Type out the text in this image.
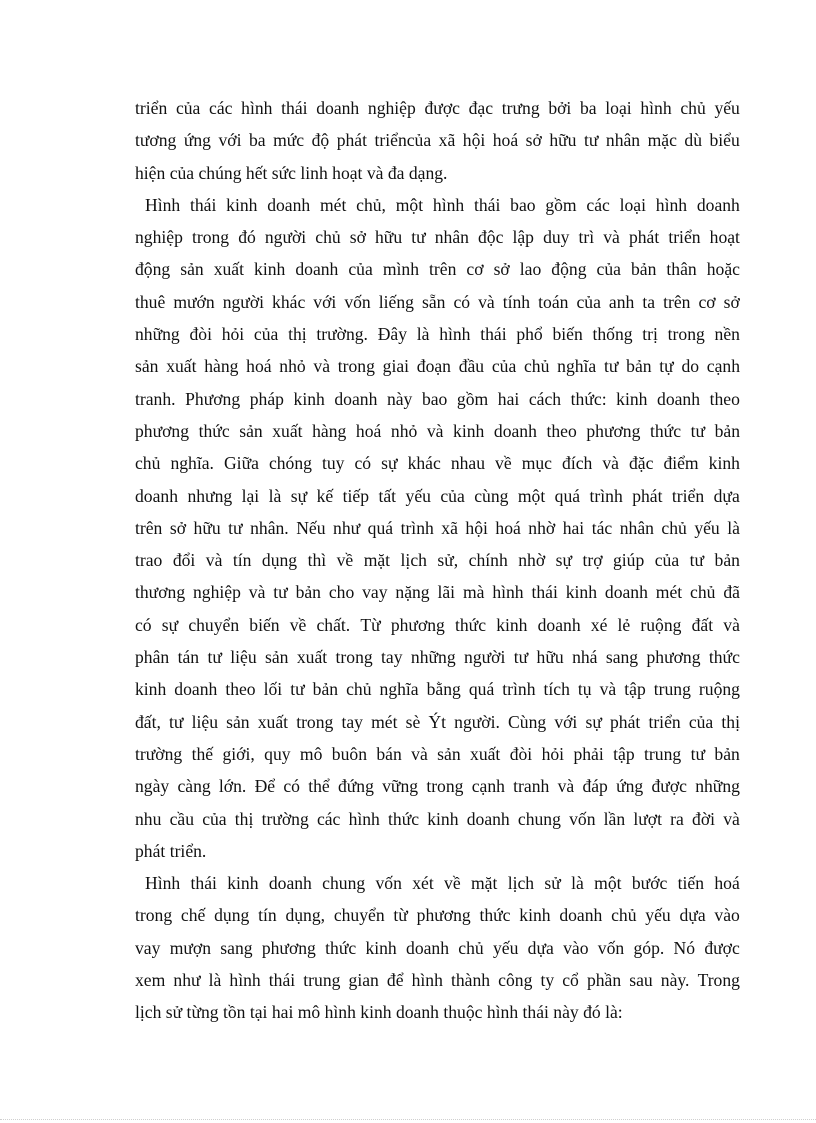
triển của các hình thái doanh nghiệp được đạc trưng bởi ba loại hình chủ yếu
tương ứng với ba mức độ phát triểncủa xã hội hoá sở hữu tư nhân mặc dù biểu
hiện của chúng hết sức linh hoạt và đa dạng.
Hình thái kinh doanh mét chủ, một hình thái bao gồm các loại hình doanh
nghiệp trong đó người chủ sở hữu tư nhân độc lập duy trì và phát triển hoạt
động sản xuất kinh doanh của mình trên cơ sở lao động của bản thân hoặc
thuê mướn người khác với vốn liếng sẵn có và tính toán của anh ta trên cơ sở
những đòi hỏi của thị trường. Đây là hình thái phổ biến thống trị trong nền
sản xuất hàng hoá nhỏ và trong giai đoạn đầu của chủ nghĩa tư bản tự do cạnh
tranh. Phương pháp kinh doanh này bao gồm hai cách thức: kinh doanh theo
phương thức sản xuất hàng hoá nhỏ và kinh doanh theo phương thức tư bản
chủ nghĩa. Giữa chóng tuy có sự khác nhau về mục đích và đặc điểm kinh
doanh nhưng lại là sự kế tiếp tất yếu của cùng một quá trình phát triển dựa
trên sở hữu tư nhân. Nếu như quá trình xã hội hoá nhờ hai tác nhân chủ yếu là
trao đổi và tín dụng thì về mặt lịch sử, chính nhờ sự trợ giúp của tư bản
thương nghiệp và tư bản cho vay nặng lãi mà hình thái kinh doanh mét chủ đã
có sự chuyển biến về chất. Từ phương thức kinh doanh xé lẻ ruộng đất và
phân tán tư liệu sản xuất trong tay những người tư hữu nhá sang phương thức
kinh doanh theo lối tư bản chủ nghĩa bằng quá trình tích tụ và tập trung ruộng
đất, tư liệu sản xuất trong tay mét sè Ýt người. Cùng với sự phát triển của thị
trường thế giới, quy mô buôn bán và sản xuất đòi hỏi phải tập trung tư bản
ngày càng lớn. Để có thể đứng vững trong cạnh tranh và đáp ứng được những
nhu cầu của thị trường các hình thức kinh doanh chung vốn lần lượt ra đời và
phát triển.
Hình thái kinh doanh chung vốn xét về mặt lịch sử là một bước tiến hoá
trong chế dụng tín dụng, chuyển từ phương thức kinh doanh chủ yếu dựa vào
vay mượn sang phương thức kinh doanh chủ yếu dựa vào vốn góp. Nó được
xem như là hình thái trung gian để hình thành công ty cổ phần sau này. Trong
lịch sử từng tồn tại hai mô hình kinh doanh thuộc hình thái này đó là:
